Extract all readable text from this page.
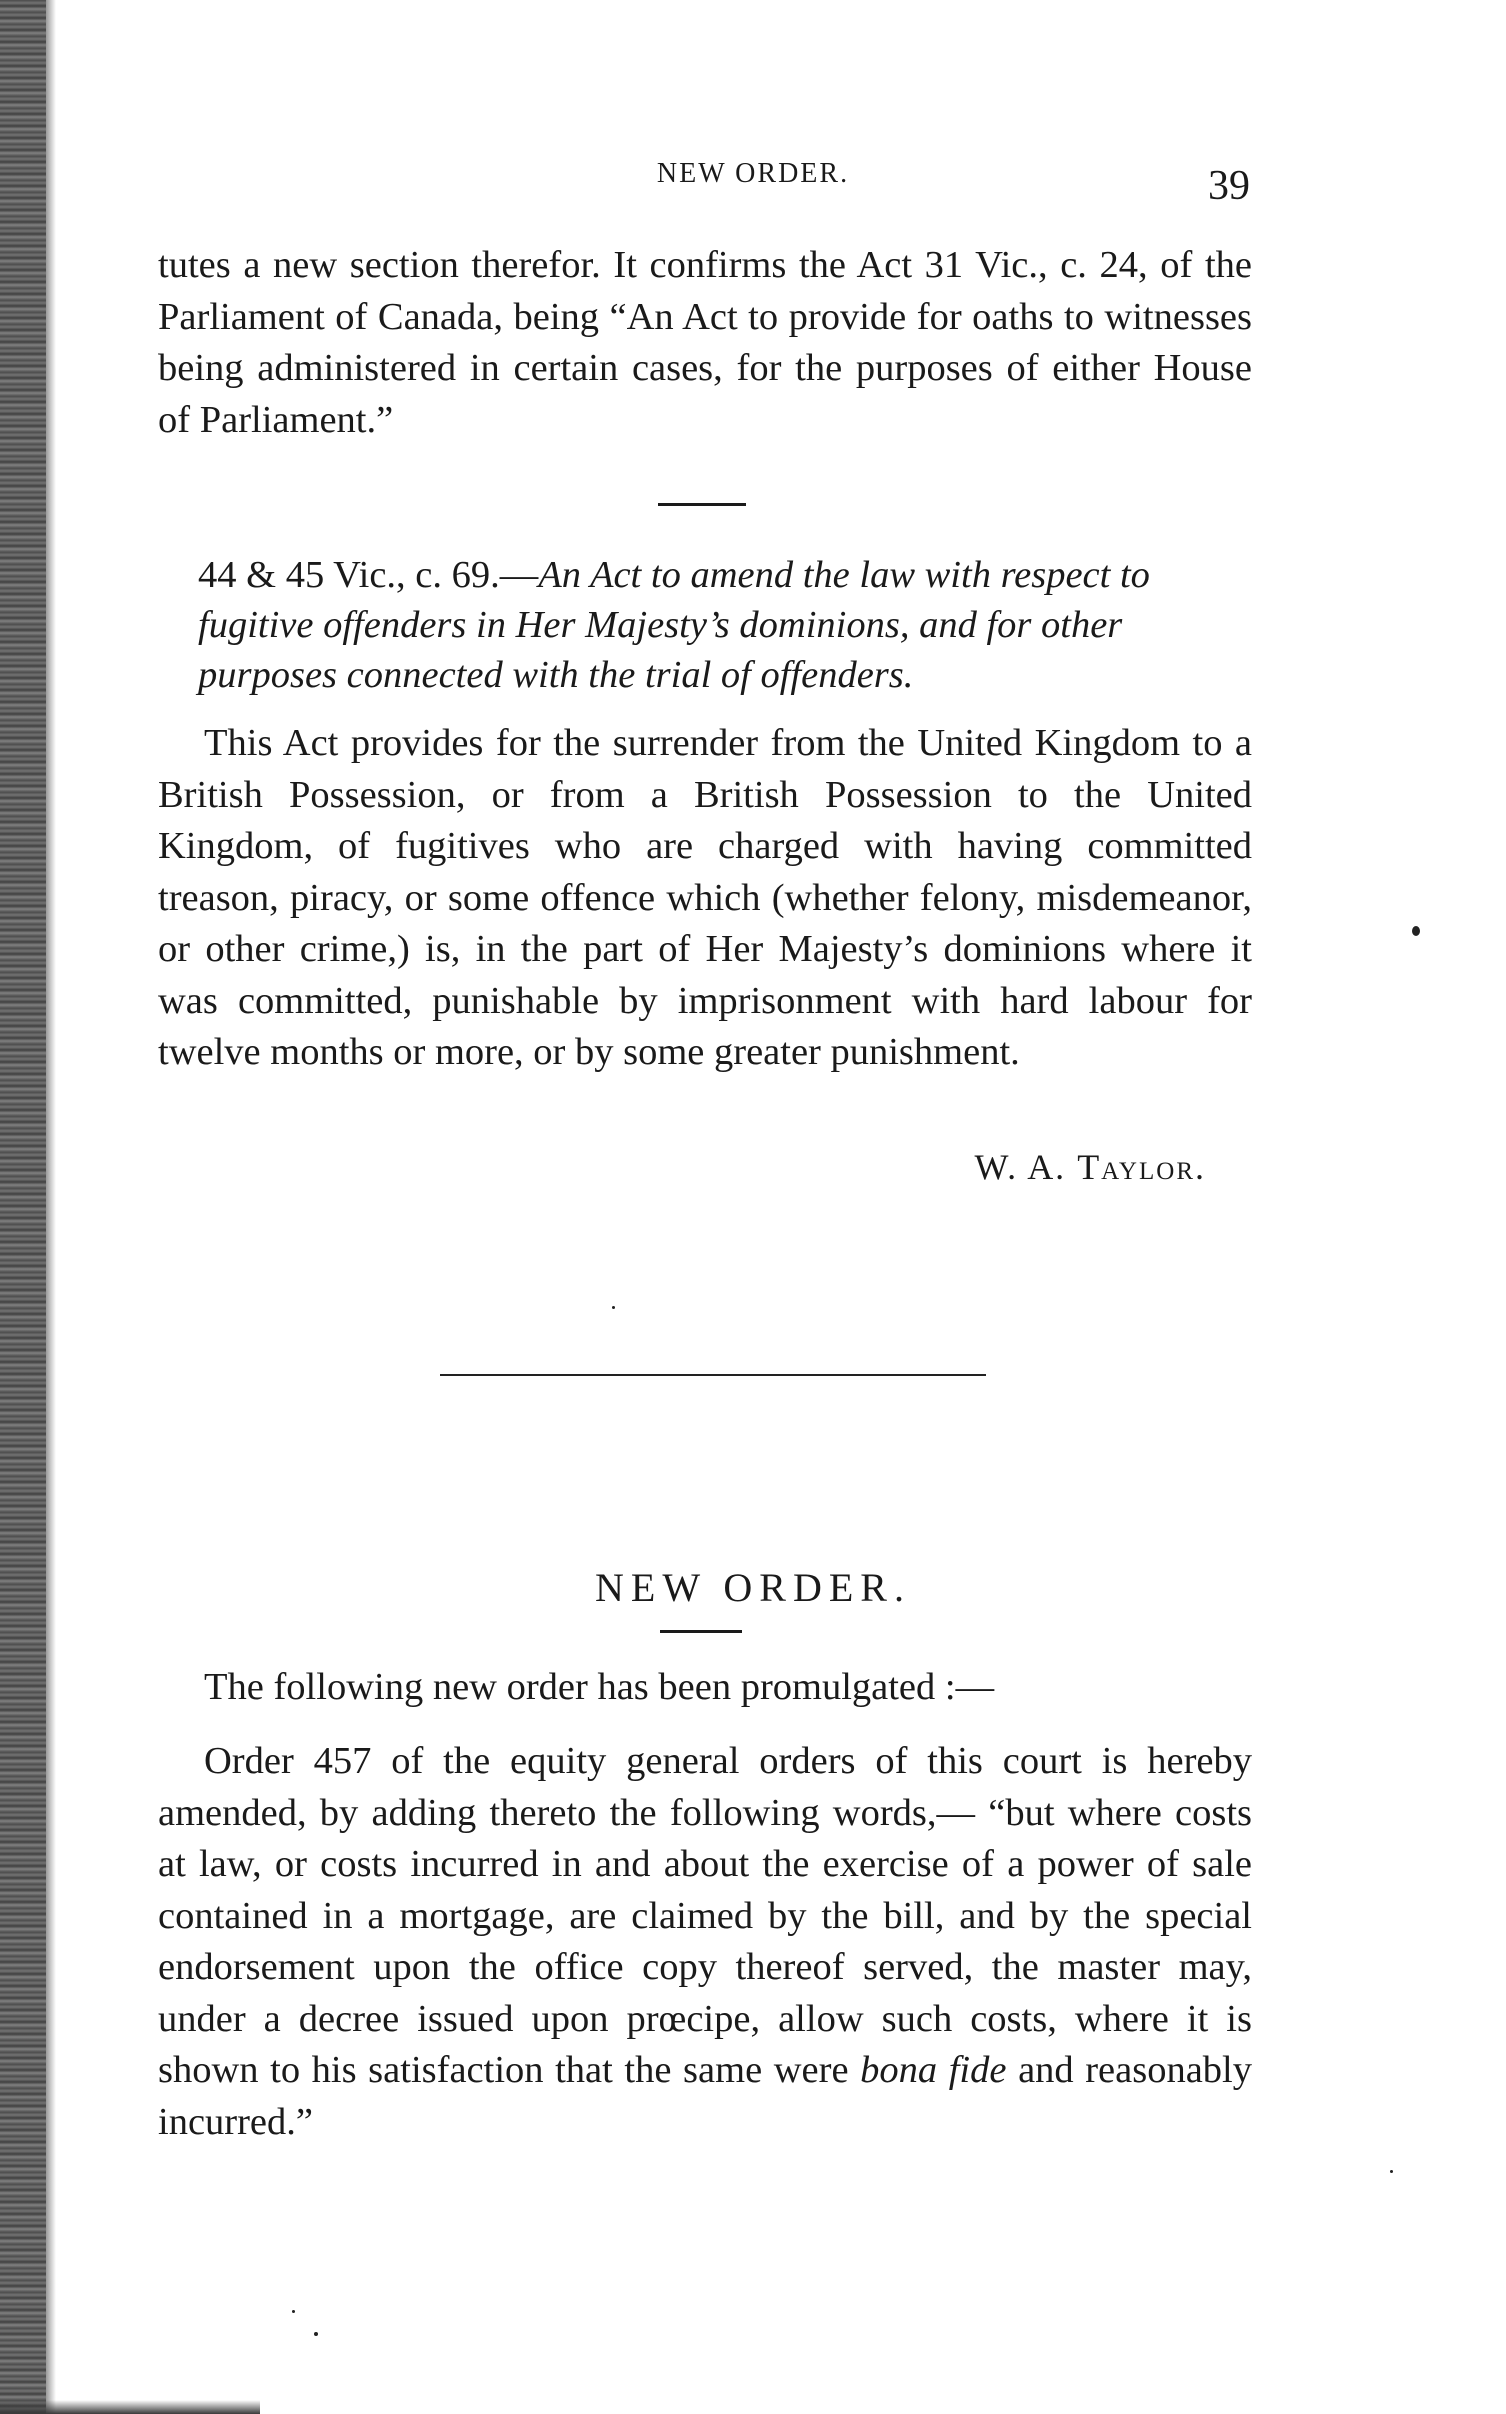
NEW ORDER.	39
tutes a new section therefor. It confirms the Act 31 Vic., c. 24, of the Parliament of Canada, being “An Act to provide for oaths to witnesses being administered in certain cases, for the purposes of either House of Parliament.”
44 & 45 Vic., c. 69.—An Act to amend the law with respect to fugitive offenders in Her Majesty’s dominions, and for other purposes connected with the trial of offenders.
This Act provides for the surrender from the United Kingdom to a British Possession, or from a British Possession to the United Kingdom, of fugitives who are charged with having committed treason, piracy, or some offence which (whether felony, misdemeanor, or other crime,) is, in the part of Her Majesty’s dominions where it was committed, punishable by imprisonment with hard labour for twelve months or more, or by some greater punishment.
W. A. Taylor.
NEW ORDER.
The following new order has been promulgated :—
Order 457 of the equity general orders of this court is hereby amended, by adding thereto the following words,— “but where costs at law, or costs incurred in and about the exercise of a power of sale contained in a mortgage, are claimed by the bill, and by the special endorsement upon the office copy thereof served, the master may, under a decree issued upon prœcipe, allow such costs, where it is shown to his satisfaction that the same were bona fide and reasonably incurred.”
